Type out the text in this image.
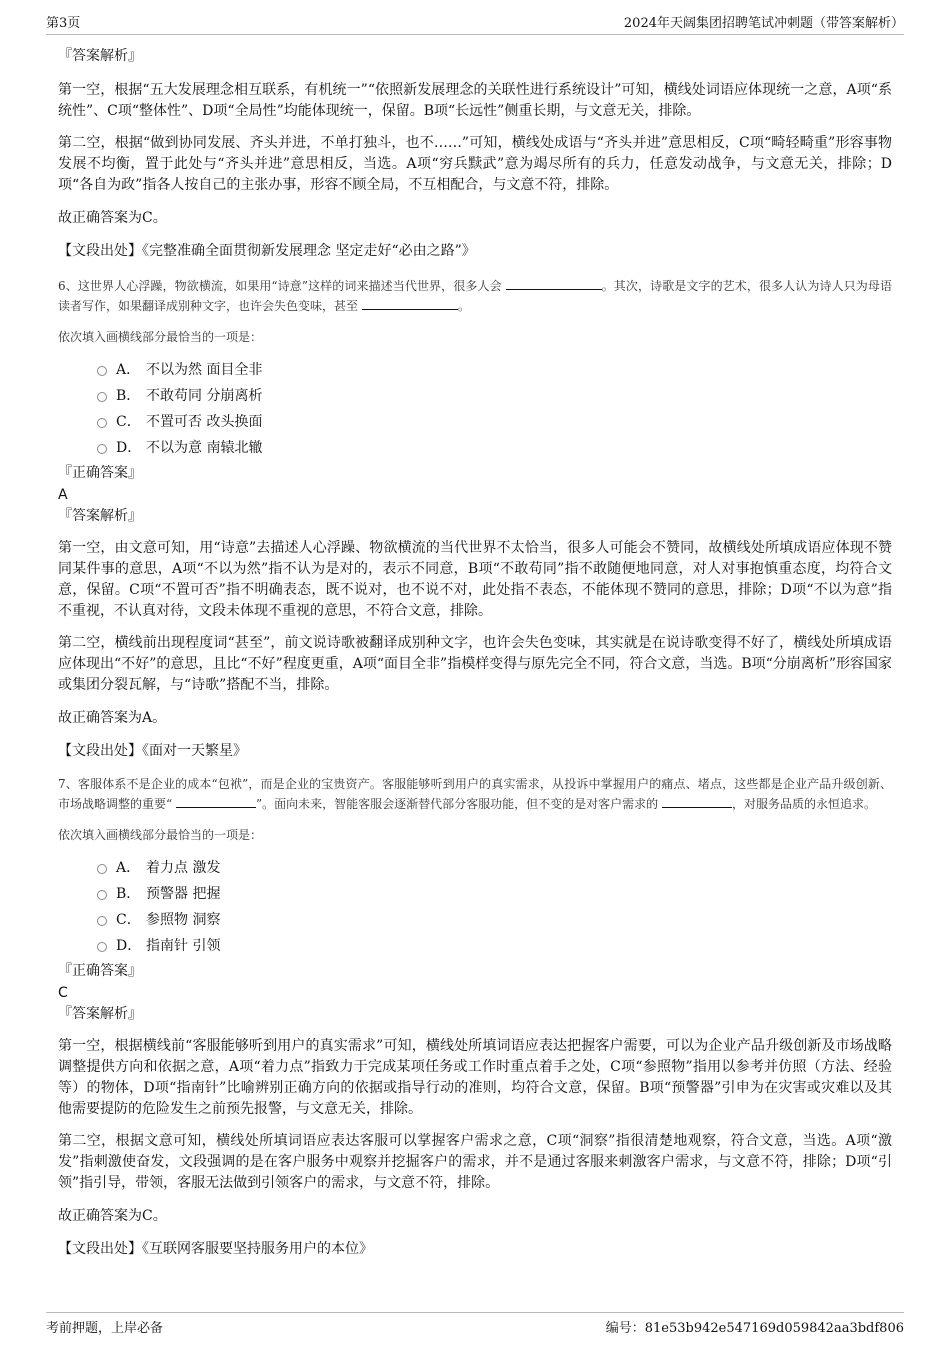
第3页	2024年天阔集团招聘笔试冲刺题（带答案解析）
『答案解析』

第一空，根据“五大发展理念相互联系，有机统一”“依照新发展理念的关联性进行系统设计”可知，横线处词语应体现统一之意，A项“系统性”、C项“整体性”、D项“全局性”均能体现统一，保留。B项“长远性”侧重长期，与文意无关，排除。

第二空，根据“做到协同发展、齐头并进，不单打独斗，也不……”可知，横线处成语与“齐头并进”意思相反，C项“畸轻畸重”形容事物发展不均衡，置于此处与“齐头并进”意思相反，当选。A项“穷兵黩武”意为竭尽所有的兵力，任意发动战争，与文意无关，排除；D项“各自为政”指各人按自己的主张办事，形容不顾全局，不互相配合，与文意不符，排除。

故正确答案为C。

【文段出处】《完整准确全面贯彻新发展理念 坚定走好“必由之路”》

6、这世界人心浮躁，物欲横流，如果用“诗意”这样的词来描述当代世界，很多人会	。其次，诗歌是文字的艺术，很多人认为诗人只为母语读者写作，如果翻译成别种文字，也许会失色变味，甚至	。

依次填入画横线部分最恰当的一项是：

A． 不以为然 面目全非
B． 不敢苟同 分崩离析
C． 不置可否 改头换面
D． 不以为意 南辕北辙
『正确答案』
A
『答案解析』

第一空，由文意可知，用“诗意”去描述人心浮躁、物欲横流的当代世界不太恰当，很多人可能会不赞同，故横线处所填成语应体现不赞同某件事的意思，A项“不以为然”指不认为是对的，表示不同意，B项“不敢苟同”指不敢随便地同意，对人对事抱慎重态度，均符合文意，保留。C项“不置可否”指不明确表态，既不说对，也不说不对，此处指不表态，不能体现不赞同的意思，排除；D项“不以为意”指不重视，不认真对待，文段未体现不重视的意思，不符合文意，排除。

第二空，横线前出现程度词“甚至”，前文说诗歌被翻译成别种文字，也许会失色变味，其实就是在说诗歌变得不好了，横线处所填成语应体现出“不好”的意思，且比“不好”程度更重，A项“面目全非”指模样变得与原先完全不同，符合文意，当选。B项“分崩离析”形容国家或集团分裂瓦解，与“诗歌”搭配不当，排除。

故正确答案为A。

【文段出处】《面对一天繁星》

7、客服体系不是企业的成本“包袱”，而是企业的宝贵资产。客服能够听到用户的真实需求，从投诉中掌握用户的痛点、堵点，这些都是企业产品升级创新、市场战略调整的重要“	”。面向未来，智能客服会逐渐替代部分客服功能，但不变的是对客户需求的	，对服务品质的永恒追求。

依次填入画横线部分最恰当的一项是：

A． 着力点 激发
B． 预警器 把握
C． 参照物 洞察
D． 指南针 引领
『正确答案』
C
『答案解析』

第一空，根据横线前“客服能够听到用户的真实需求”可知，横线处所填词语应表达把握客户需要，可以为企业产品升级创新及市场战略调整提供方向和依据之意，A项“着力点”指致力于完成某项任务或工作时重点着手之处，C项“参照物”指用以参考并仿照（方法、经验等）的物体，D项“指南针”比喻辨别正确方向的依据或指导行动的准则，均符合文意，保留。B项“预警器”引申为在灾害或灾难以及其他需要提防的危险发生之前预先报警，与文意无关，排除。

第二空，根据文意可知，横线处所填词语应表达客服可以掌握客户需求之意，C项“洞察”指很清楚地观察，符合文意，当选。A项“激发”指刺激使奋发，文段强调的是在客户服务中观察并挖掘客户的需求，并不是通过客服来刺激客户需求，与文意不符，排除；D项“引领”指引导，带领，客服无法做到引领客户的需求，与文意不符，排除。

故正确答案为C。

【文段出处】《互联网客服要坚持服务用户的本位》

考前押题，上岸必备	编号：81e53b942e547169d059842aa3bdf806
